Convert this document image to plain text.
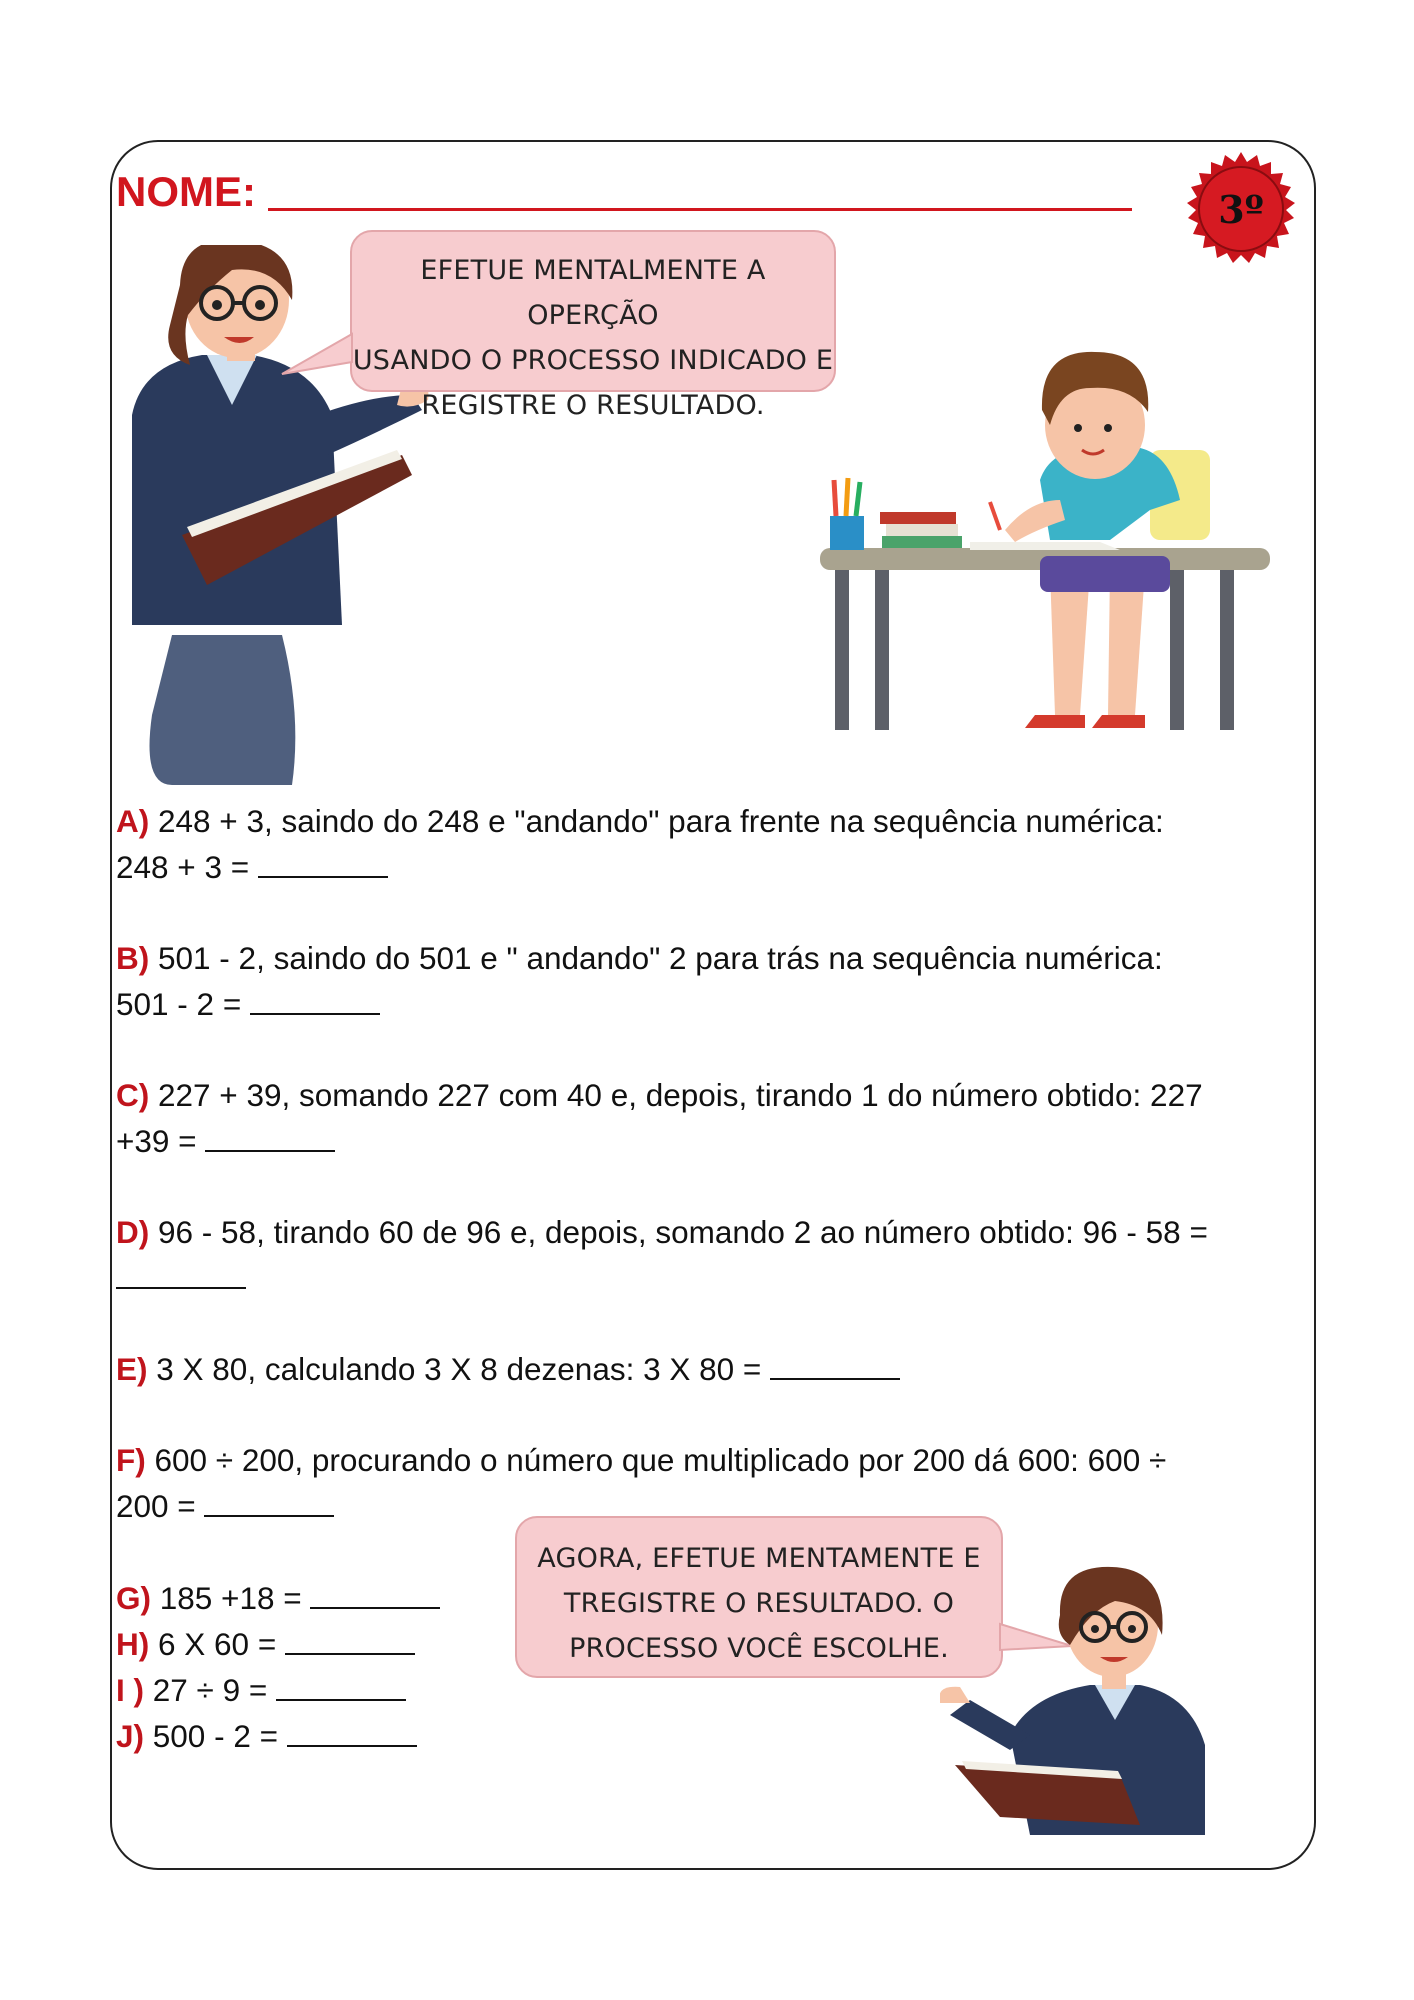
NOME:	3º
EFETUE MENTALMENTE A OPERÇÃO
USANDO O PROCESSO INDICADO E
REGISTRE O RESULTADO.
A) 248 + 3, saindo do 248 e "andando" para frente na sequência numérica:
248 + 3 =
B) 501 - 2, saindo do 501 e " andando" 2 para trás na sequência numérica:
501 - 2 =
C) 227 + 39, somando 227 com 40 e, depois, tirando 1 do número obtido: 227
+39 =
D) 96 - 58, tirando 60 de 96 e, depois, somando 2 ao número obtido: 96 - 58 =
E) 3 X 80, calculando 3 X 8 dezenas: 3 X 80 =
F) 600 ÷ 200, procurando o número que multiplicado por 200 dá 600: 600 ÷
200 =
G) 185 +18 =
H) 6 X 60 =
I ) 27 ÷ 9 =
J) 500 - 2 =
AGORA, EFETUE MENTAMENTE E
TREGISTRE O RESULTADO. O
PROCESSO VOCÊ ESCOLHE.
